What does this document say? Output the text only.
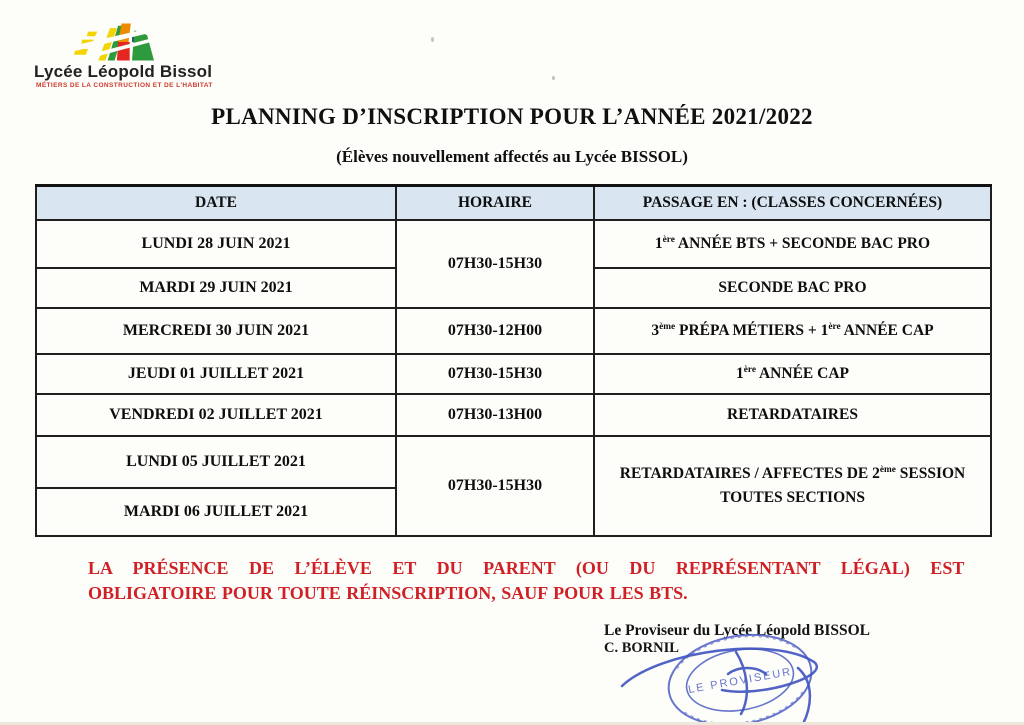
Lycée Léopold Bissol
MÉTIERS DE LA CONSTRUCTION ET DE L'HABITAT
PLANNING D’INSCRIPTION POUR L’ANNÉE 2021/2022
(Élèves nouvellement affectés au Lycée BISSOL)
DATE	HORAIRE	PASSAGE EN : (CLASSES CONCERNÉES)
LUNDI 28 JUIN 2021	07H30-15H30	1ère ANNÉE BTS + SECONDE BAC PRO
MARDI 29 JUIN 2021		SECONDE BAC PRO
MERCREDI 30 JUIN 2021	07H30-12H00	3ème PRÉPA MÉTIERS + 1ère ANNÉE CAP
JEUDI 01 JUILLET 2021	07H30-15H30	1ère ANNÉE CAP
VENDREDI 02 JUILLET 2021	07H30-13H00	RETARDATAIRES
LUNDI 05 JUILLET 2021	07H30-15H30	RETARDATAIRES / AFFECTES DE 2ème SESSION TOUTES SECTIONS
MARDI 06 JUILLET 2021		
LA PRÉSENCE DE L’ÉLÈVE ET DU PARENT (OU DU REPRÉSENTANT LÉGAL) EST
OBLIGATOIRE POUR TOUTE RÉINSCRIPTION, SAUF POUR LES BTS.
Le Proviseur du Lycée Léopold BISSOL
C. BORNIL
LE PROVISEUR
